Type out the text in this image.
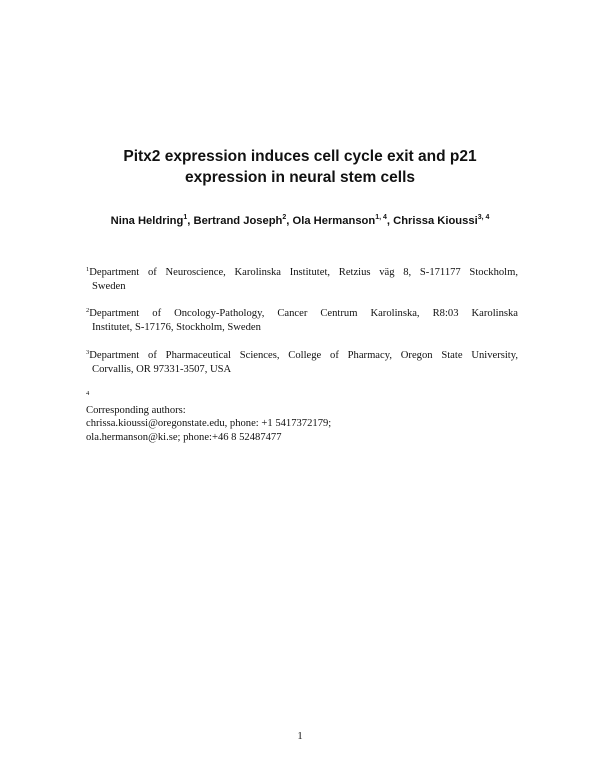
Pitx2 expression induces cell cycle exit and p21
expression in neural stem cells
Nina Heldring$^1$, Bertrand Joseph$^2$, Ola Hermanson$^{1, 4}$, Chrissa Kioussi$^{3, 4}$
$^1$Department of Neuroscience, Karolinska Institutet, Retzius väg 8, S-171177 Stockholm,
Sweden
$^2$Department of Oncology-Pathology, Cancer Centrum Karolinska, R8:03 Karolinska
Institutet, S-17176, Stockholm, Sweden
$^3$Department of Pharmaceutical Sciences, College of Pharmacy, Oregon State University,
Corvallis, OR 97331-3507, USA
$^4$
Corresponding authors:
chrissa.kioussi@oregonstate.edu, phone: +1 5417372179;
ola.hermanson@ki.se; phone:+46 8 52487477
1
